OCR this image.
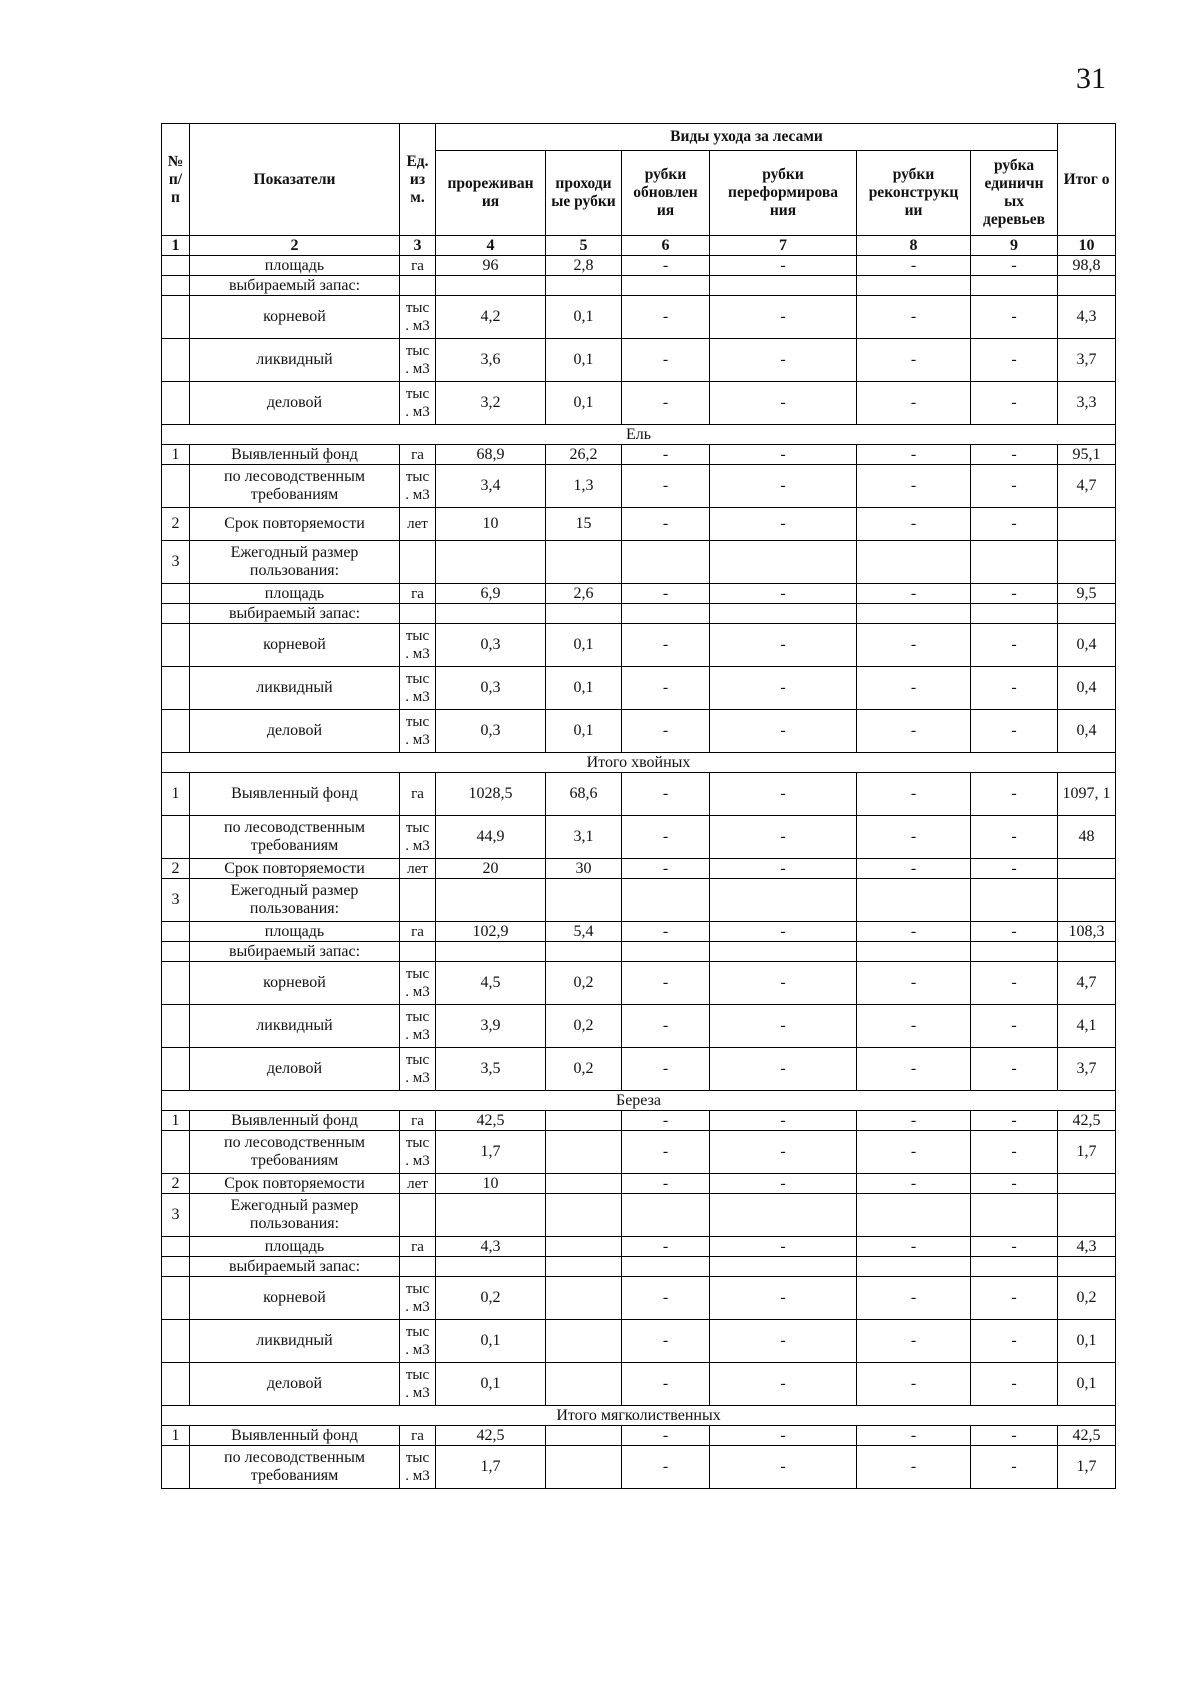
31
№ п/ п	Показатели	Ед. из м.	Виды ухода за лесами						Итог о
			прореживан ия	проходи ые рубки	рубки обновлен ия	рубки переформирова ния	рубки реконструкц ии	рубка единичн ых деревьев	
1	2	3	4	5	6	7	8	9	10
	площадь	га	96	2,8	-	-	-	-	98,8
	выбираемый запас:								
	корневой	тыс . м3	4,2	0,1	-	-	-	-	4,3
	ликвидный	тыс . м3	3,6	0,1	-	-	-	-	3,7
	деловой	тыс . м3	3,2	0,1	-	-	-	-	3,3
Ель									
1	Выявленный фонд	га	68,9	26,2	-	-	-	-	95,1
	по лесоводственным требованиям	тыс . м3	3,4	1,3	-	-	-	-	4,7
2	Срок повторяемости	лет	10	15	-	-	-	-	
3	Ежегодный размер пользования:								
	площадь	га	6,9	2,6	-	-	-	-	9,5
	выбираемый запас:								
	корневой	тыс . м3	0,3	0,1	-	-	-	-	0,4
	ликвидный	тыс . м3	0,3	0,1	-	-	-	-	0,4
	деловой	тыс . м3	0,3	0,1	-	-	-	-	0,4
Итого хвойных									
1	Выявленный фонд	га	1028,5	68,6	-	-	-	-	1097, 1
	по лесоводственным требованиям	тыс . м3	44,9	3,1	-	-	-	-	48
2	Срок повторяемости	лет	20	30	-	-	-	-	
3	Ежегодный размер пользования:								
	площадь	га	102,9	5,4	-	-	-	-	108,3
	выбираемый запас:								
	корневой	тыс . м3	4,5	0,2	-	-	-	-	4,7
	ликвидный	тыс . м3	3,9	0,2	-	-	-	-	4,1
	деловой	тыс . м3	3,5	0,2	-	-	-	-	3,7
Береза									
1	Выявленный фонд	га	42,5		-	-	-	-	42,5
	по лесоводственным требованиям	тыс . м3	1,7		-	-	-	-	1,7
2	Срок повторяемости	лет	10		-	-	-	-	
3	Ежегодный размер пользования:								
	площадь	га	4,3		-	-	-	-	4,3
	выбираемый запас:								
	корневой	тыс . м3	0,2		-	-	-	-	0,2
	ликвидный	тыс . м3	0,1		-	-	-	-	0,1
	деловой	тыс . м3	0,1		-	-	-	-	0,1
Итого мягколиственных									
1	Выявленный фонд	га	42,5		-	-	-	-	42,5
	по лесоводственным требованиям	тыс . м3	1,7		-	-	-	-	1,7
